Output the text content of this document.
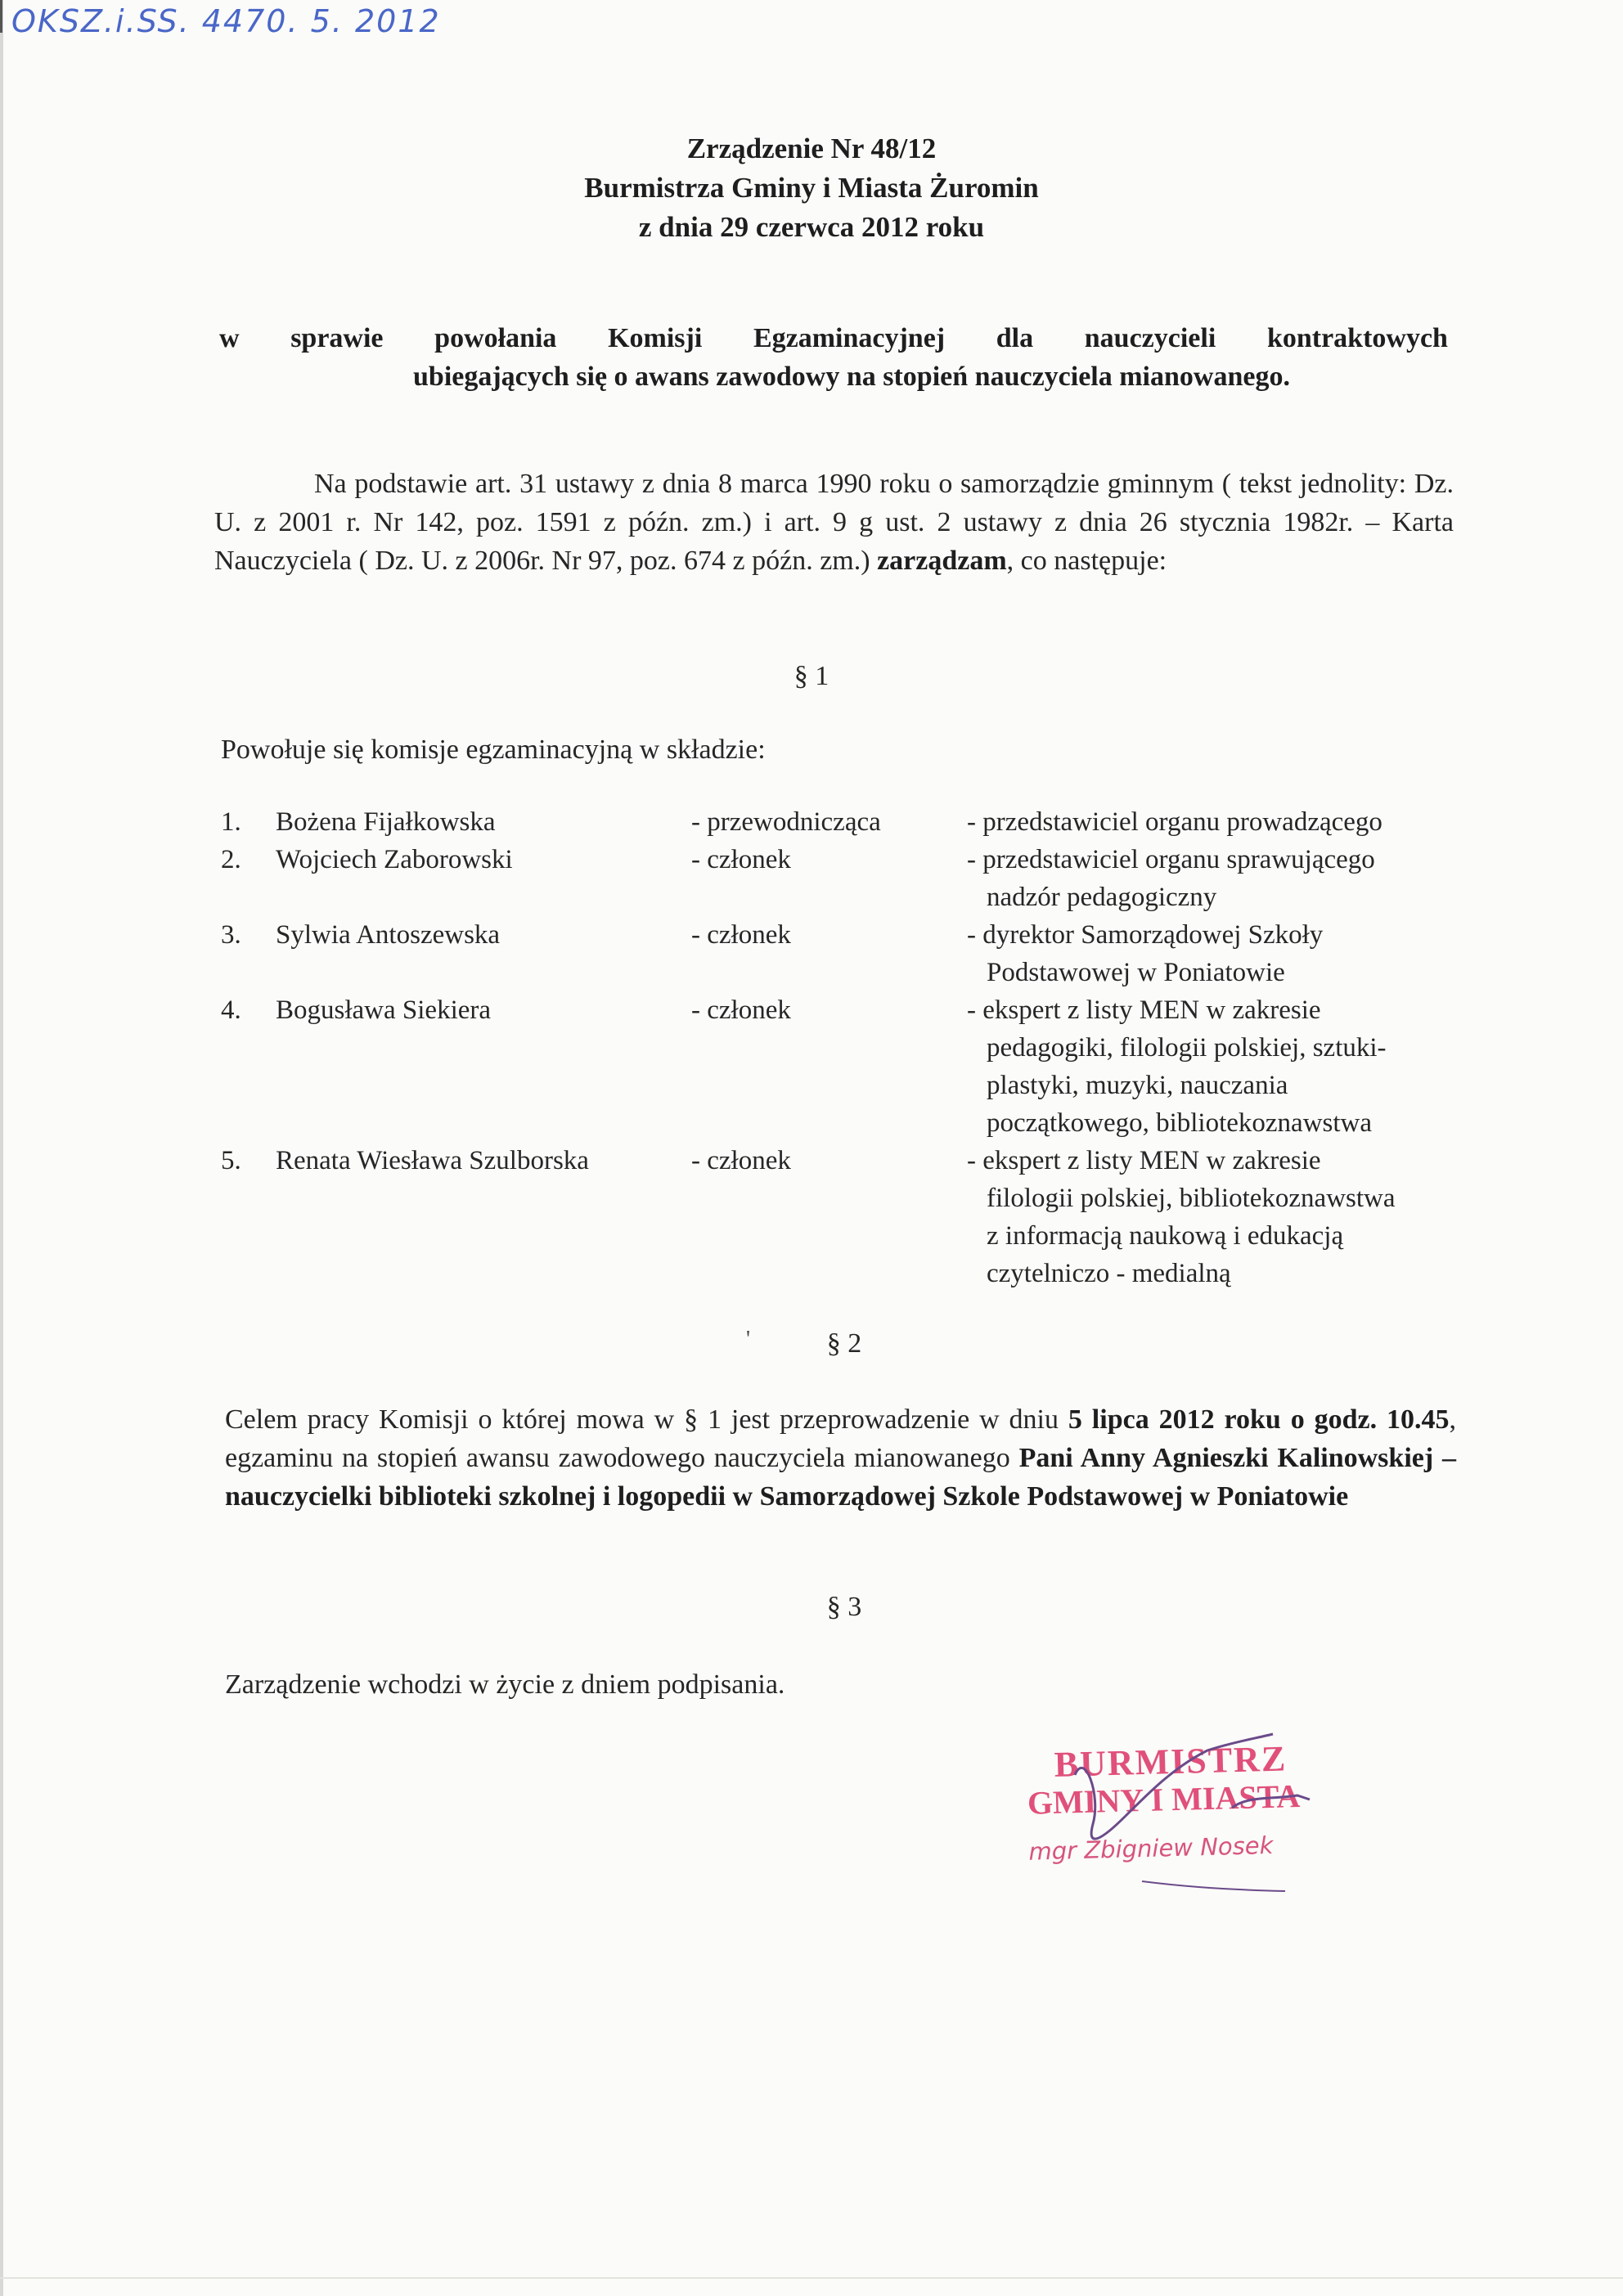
OKSZ.i.SS. 4470. 5. 2012
Zrządzenie Nr 48/12
Burmistrza Gminy i Miasta Żuromin
z dnia 29 czerwca 2012 roku
w sprawie powołania Komisji Egzaminacyjnej dla nauczycieli kontraktowych
ubiegających się o awans zawodowy na stopień nauczyciela mianowanego.
Na podstawie art. 31 ustawy z dnia 8 marca 1990 roku o samorządzie gminnym ( tekst jednolity: Dz. U. z 2001 r. Nr 142, poz. 1591 z późn. zm.) i art. 9 g ust. 2 ustawy z dnia 26 stycznia 1982r. – Karta Nauczyciela ( Dz. U. z 2006r. Nr 97, poz. 674 z późn. zm.) zarządzam, co następuje:
§ 1
Powołuje się komisje egzaminacyjną w składzie:
1.	Bożena Fijałkowska	- przewodnicząca	- przedstawiciel organu prowadzącego
2.	Wojciech Zaborowski	- członek	- przedstawiciel organu sprawującego
nadzór pedagogiczny
3.	Sylwia Antoszewska	- członek	- dyrektor Samorządowej Szkoły
Podstawowej w Poniatowie
4.	Bogusława Siekiera	- członek	- ekspert z listy MEN w zakresie
pedagogiki, filologii polskiej, sztuki-
plastyki, muzyki, nauczania
początkowego, bibliotekoznawstwa
5.	Renata Wiesława Szulborska	- członek	- ekspert z listy MEN w zakresie
filologii polskiej, bibliotekoznawstwa
z informacją naukową i edukacją
czytelniczo - medialną
'	§ 2
Celem pracy Komisji o której mowa w § 1 jest przeprowadzenie w dniu 5 lipca 2012 roku o godz. 10.45, egzaminu na stopień awansu zawodowego nauczyciela mianowanego Pani Anny Agnieszki Kalinowskiej – nauczycielki biblioteki szkolnej i logopedii w Samorządowej Szkole Podstawowej w Poniatowie
§ 3
Zarządzenie wchodzi w życie z dniem podpisania.
BURMISTRZ
GMINY I MIASTA
mgr Zbigniew Nosek
